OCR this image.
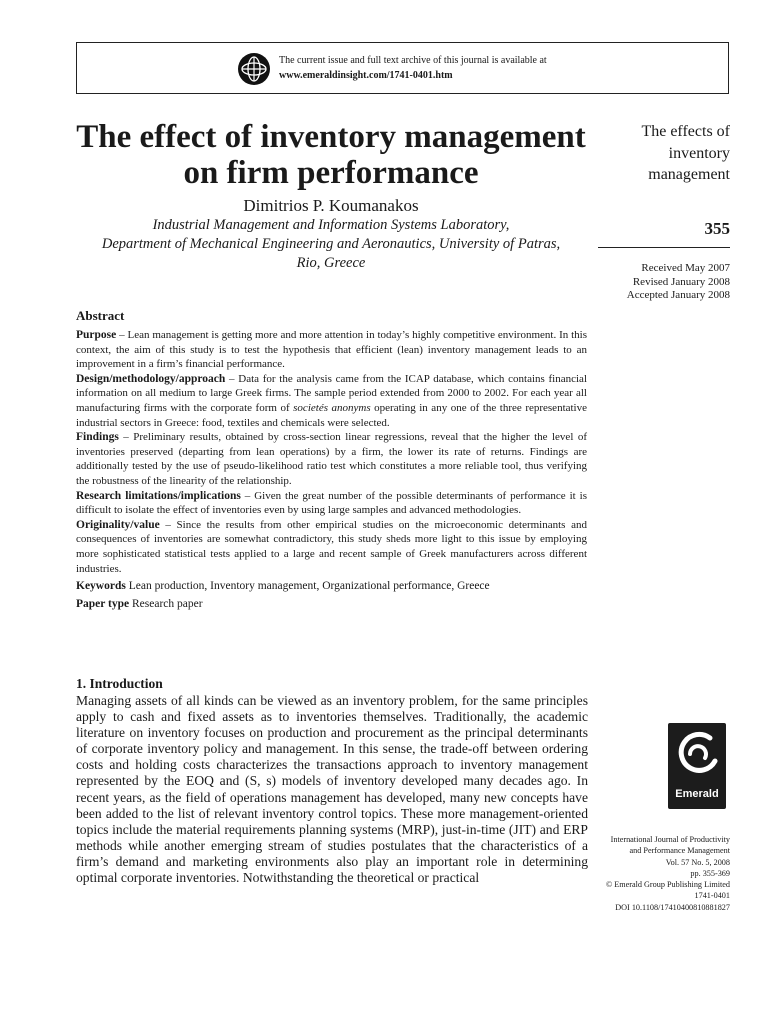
The current issue and full text archive of this journal is available at
www.emeraldinsight.com/1741-0401.htm
The effect of inventory management on firm performance
Dimitrios P. Koumanakos
Industrial Management and Information Systems Laboratory,
Department of Mechanical Engineering and Aeronautics, University of Patras,
Rio, Greece
The effects of
inventory
management
355
Received May 2007
Revised January 2008
Accepted January 2008
Abstract

Purpose – Lean management is getting more and more attention in today’s highly competitive environment. In this context, the aim of this study is to test the hypothesis that efficient (lean) inventory management leads to an improvement in a firm’s financial performance.

Design/methodology/approach – Data for the analysis came from the ICAP database, which contains financial information on all medium to large Greek firms. The sample period extended from 2000 to 2002. For each year all manufacturing firms with the corporate form of societés anonyms operating in any one of the three representative industrial sectors in Greece: food, textiles and chemicals were selected.

Findings – Preliminary results, obtained by cross-section linear regressions, reveal that the higher the level of inventories preserved (departing from lean operations) by a firm, the lower its rate of returns. Findings are additionally tested by the use of pseudo-likelihood ratio test which constitutes a more reliable tool, thus verifying the robustness of the linearity of the relationship.

Research limitations/implications – Given the great number of the possible determinants of performance it is difficult to isolate the effect of inventories even by using large samples and advanced methodologies.

Originality/value – Since the results from other empirical studies on the microeconomic determinants and consequences of inventories are somewhat contradictory, this study sheds more light to this issue by employing more sophisticated statistical tests applied to a large and recent sample of Greek manufacturers across different industries.

Keywords Lean production, Inventory management, Organizational performance, Greece
Paper type Research paper
1. Introduction

Managing assets of all kinds can be viewed as an inventory problem, for the same principles apply to cash and fixed assets as to inventories themselves. Traditionally, the academic literature on inventory focuses on production and procurement as the principal determinants of corporate inventory policy and management. In this sense, the trade-off between ordering costs and holding costs characterizes the transactions approach to inventory management represented by the EOQ and (S, s) models of inventory developed many decades ago. In recent years, as the field of operations management has developed, many new concepts have been added to the list of relevant inventory control topics. These more management-oriented topics include the material requirements planning systems (MRP), just-in-time (JIT) and ERP methods while another emerging stream of studies postulates that the characteristics of a firm’s demand and marketing environments also play an important role in determining optimal corporate inventories. Notwithstanding the theoretical or practical

Emerald
International Journal of Productivity
and Performance Management
Vol. 57 No. 5, 2008
pp. 355-369
© Emerald Group Publishing Limited
1741-0401
DOI 10.1108/17410400810881827
